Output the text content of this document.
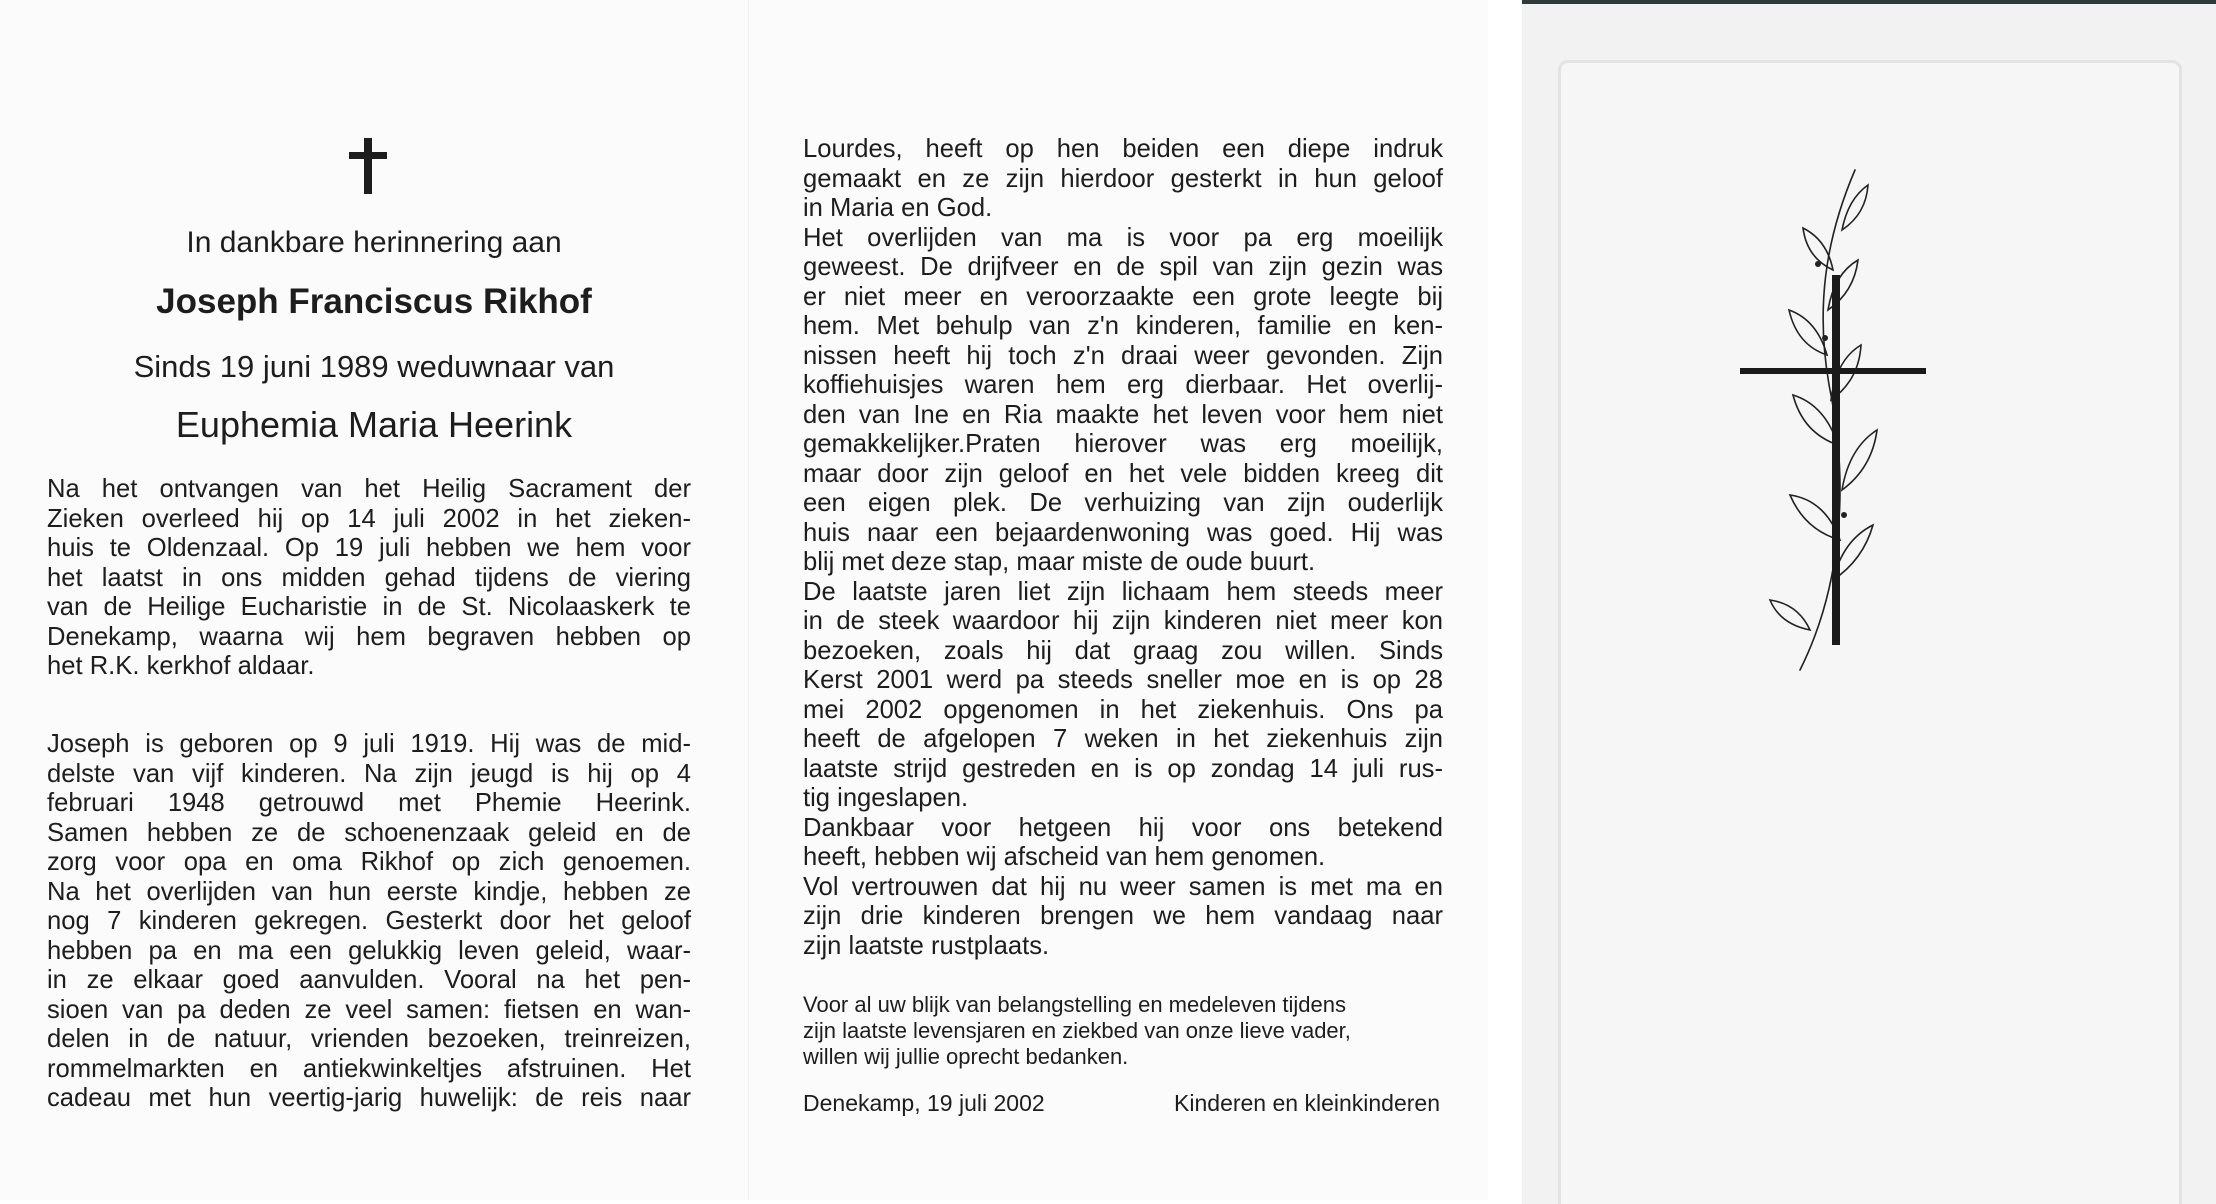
In dankbare herinnering aan
Joseph Franciscus Rikhof
Sinds 19 juni 1989 weduwnaar van
Euphemia Maria Heerink
Na het ontvangen van het Heilig Sacrament der
Zieken overleed hij op 14 juli 2002 in het zieken-
huis te Oldenzaal. Op 19 juli hebben we hem voor
het laatst in ons midden gehad tijdens de viering
van de Heilige Eucharistie in de St. Nicolaaskerk te
Denekamp, waarna wij hem begraven hebben op
het R.K. kerkhof aldaar.
Joseph is geboren op 9 juli 1919. Hij was de mid-
delste van vijf kinderen. Na zijn jeugd is hij op 4
februari 1948 getrouwd met Phemie Heerink.
Samen hebben ze de schoenenzaak geleid en de
zorg voor opa en oma Rikhof op zich genoemen.
Na het overlijden van hun eerste kindje, hebben ze
nog 7 kinderen gekregen. Gesterkt door het geloof
hebben pa en ma een gelukkig leven geleid, waar-
in ze elkaar goed aanvulden. Vooral na het pen-
sioen van pa deden ze veel samen: fietsen en wan-
delen in de natuur, vrienden bezoeken, treinreizen,
rommelmarkten en antiekwinkeltjes afstruinen. Het
cadeau met hun veertig-jarig huwelijk: de reis naar
Lourdes, heeft op hen beiden een diepe indruk
gemaakt en ze zijn hierdoor gesterkt in hun geloof
in Maria en God.
Het overlijden van ma is voor pa erg moeilijk
geweest. De drijfveer en de spil van zijn gezin was
er niet meer en veroorzaakte een grote leegte bij
hem. Met behulp van z'n kinderen, familie en ken-
nissen heeft hij toch z'n draai weer gevonden. Zijn
koffiehuisjes waren hem erg dierbaar. Het overlij-
den van Ine en Ria maakte het leven voor hem niet
gemakkelijker.Praten hierover was erg moeilijk,
maar door zijn geloof en het vele bidden kreeg dit
een eigen plek. De verhuizing van zijn ouderlijk
huis naar een bejaardenwoning was goed. Hij was
blij met deze stap, maar miste de oude buurt.
De laatste jaren liet zijn lichaam hem steeds meer
in de steek waardoor hij zijn kinderen niet meer kon
bezoeken, zoals hij dat graag zou willen. Sinds
Kerst 2001 werd pa steeds sneller moe en is op 28
mei 2002 opgenomen in het ziekenhuis. Ons pa
heeft de afgelopen 7 weken in het ziekenhuis zijn
laatste strijd gestreden en is op zondag 14 juli rus-
tig ingeslapen.
Dankbaar voor hetgeen hij voor ons betekend
heeft, hebben wij afscheid van hem genomen.
Vol vertrouwen dat hij nu weer samen is met ma en
zijn drie kinderen brengen we hem vandaag naar
zijn laatste rustplaats.
Voor al uw blijk van belangstelling en medeleven tijdens
zijn laatste levensjaren en ziekbed van onze lieve vader,
willen wij jullie oprecht bedanken.
Denekamp, 19 juli 2002	Kinderen en kleinkinderen
